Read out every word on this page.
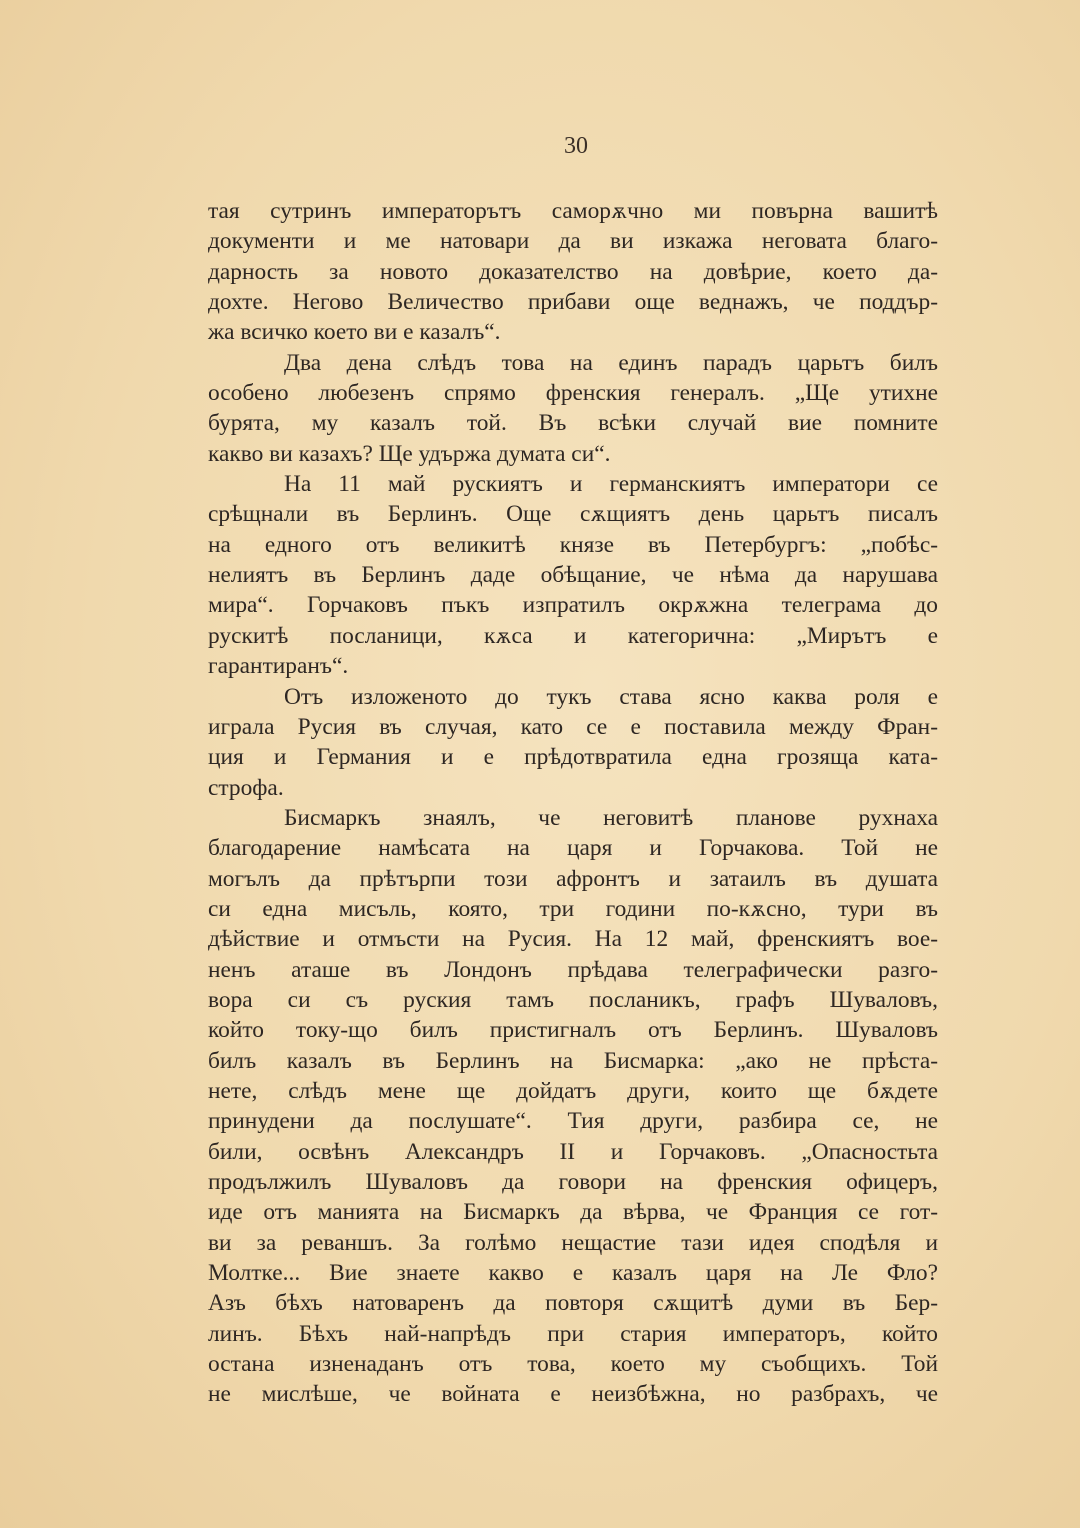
30
тая сутринъ императорътъ саморѫчно ми повърна вашитѣ
документи и ме натовари да ви изкажа неговата благо-
дарность за новото доказателство на довѣрие, което да-
дохте. Негово Величество прибави още веднажъ, че поддър-
жа всичко което ви е казалъ“.
Два дена слѣдъ това на единъ парадъ царьтъ билъ
особено любезенъ спрямо френския генералъ. „Ще утихне
бурята, му казалъ той. Въ всѣки случай вие помните
какво ви казахъ? Ще удържа думата си“.
На 11 май рускиятъ и германскиятъ императори се
срѣщнали въ Берлинъ. Още сѫщиятъ день царьтъ писалъ
на едного отъ великитѣ князе въ Петербургъ: „побѣс-
нелиятъ въ Берлинъ даде обѣщание, че нѣма да нарушава
мира“. Горчаковъ пъкъ изпратилъ окрѫжна телеграма до
рускитѣ посланици, кѫса и категорична: „Мирътъ е
гарантиранъ“.
Отъ изложеното до тукъ става ясно каква роля е
играла Русия въ случая, като се е поставила между Фран-
ция и Германия и е прѣдотвратила една грозяща ката-
строфа.
Бисмаркъ знаялъ, че неговитѣ планове рухнаха
благодарение намѣсата на царя и Горчакова. Той не
могълъ да прѣтърпи този афронтъ и затаилъ въ душата
си една мисъль, която, три години по-кѫсно, тури въ
дѣйствие и отмъсти на Русия. На 12 май, френскиятъ вое-
ненъ аташе въ Лондонъ прѣдава телеграфически разго-
вора си съ руския тамъ посланикъ, графъ Шуваловъ,
който току-що билъ пристигналъ отъ Берлинъ. Шуваловъ
билъ казалъ въ Берлинъ на Бисмарка: „ако не прѣста-
нете, слѣдъ мене ще дойдатъ други, които ще бѫдете
принудени да послушате“. Тия други, разбира се, не
били, освѣнъ Александръ II и Горчаковъ. „Опасностьта
продължилъ Шуваловъ да говори на френския офицеръ,
иде отъ манията на Бисмаркъ да вѣрва, че Франция се гот-
ви за реваншъ. За голѣмо нещастие тази идея сподѣля и
Молтке... Вие знаете какво е казалъ царя на Ле Фло?
Азъ бѣхъ натоваренъ да повторя сѫщитѣ думи въ Бер-
линъ. Бѣхъ най-напрѣдъ при стария императоръ, който
остана изненаданъ отъ това, което му съобщихъ. Той
не мислѣше, че войната е неизбѣжна, но разбрахъ, че
